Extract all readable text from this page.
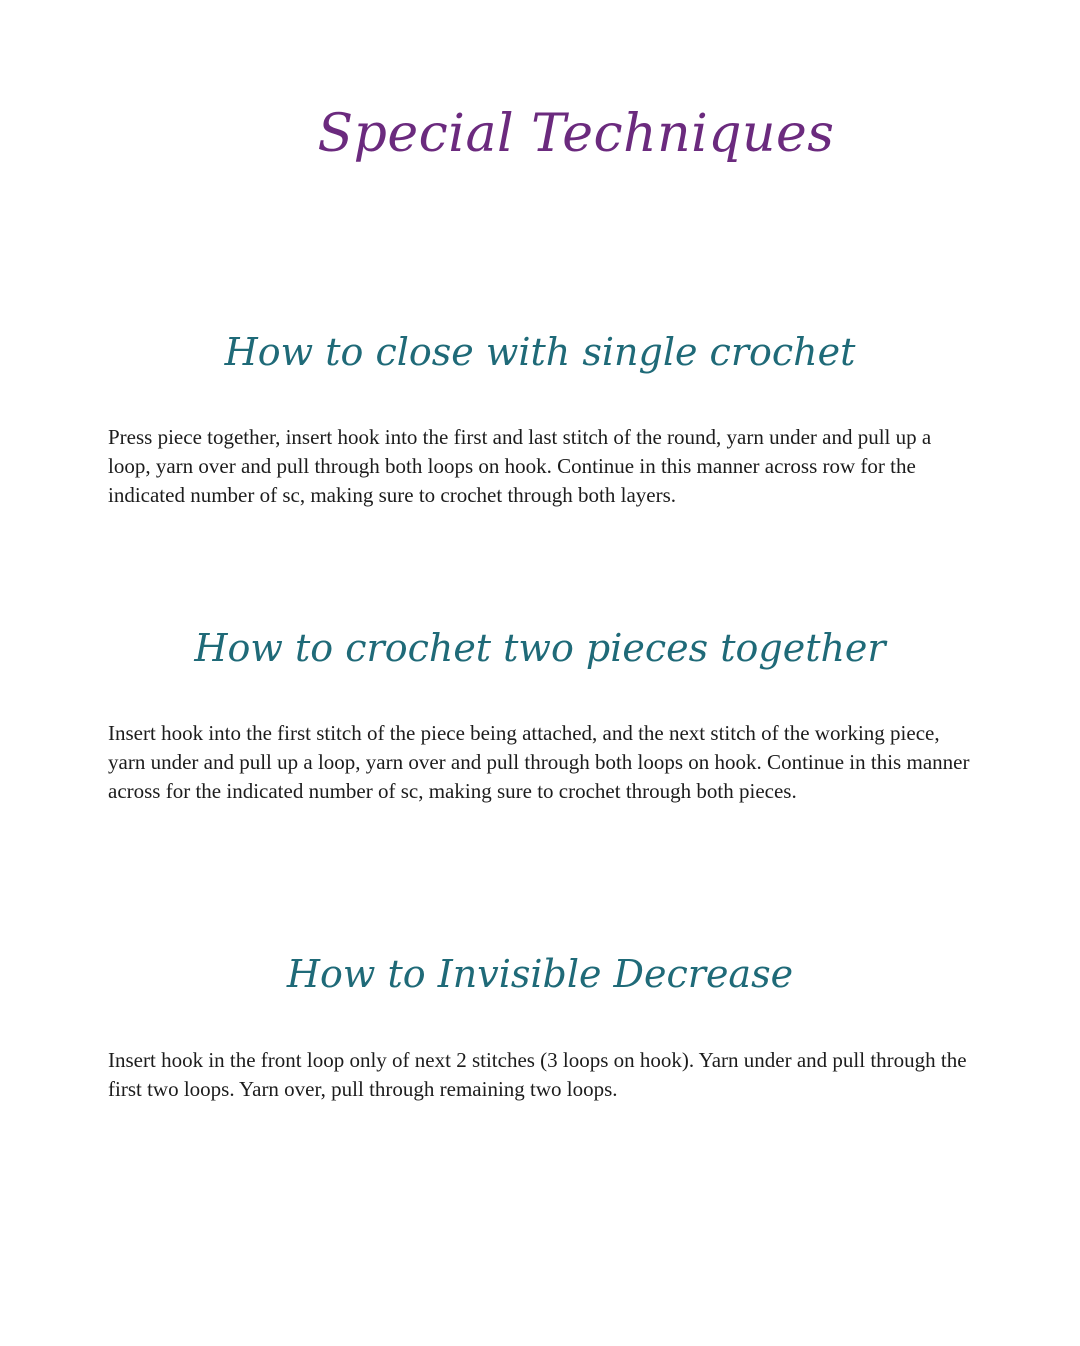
Special Techniques
How to close with single crochet

Press piece together, insert hook into the first and last stitch of the round, yarn under and pull up a loop, yarn over and pull through both loops on hook. Continue in this manner across row for the indicated number of sc, making sure to crochet through both layers.

How to crochet two pieces together

Insert hook into the first stitch of the piece being attached, and the next stitch of the working piece, yarn under and pull up a loop, yarn over and pull through both loops on hook. Continue in this manner across for the indicated number of sc, making sure to crochet through both pieces.

How to Invisible Decrease

Insert hook in the front loop only of next 2 stitches (3 loops on hook). Yarn under and pull through the first two loops. Yarn over, pull through remaining two loops.
